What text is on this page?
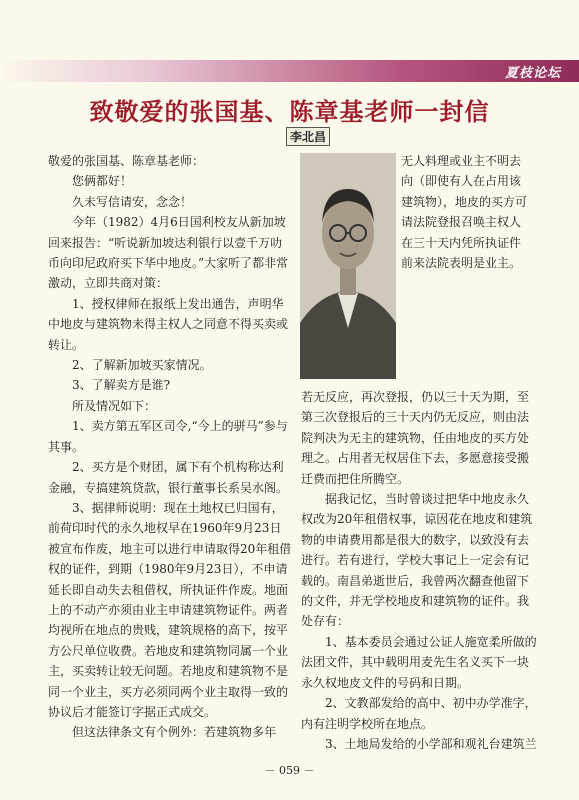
夏枝论坛
致敬爱的张国基、陈章基老师一封信
李北昌

敬爱的张国基、陈章基老师：

您俩都好！

久未写信请安，念念！

今年（1982）4月6日国利校友从新加坡回来报告：“听说新加坡达利银行以壹千万叻币向印尼政府买下华中地皮。”大家听了都非常激动，立即共商对策：

1、授权律师在报纸上发出通告，声明华中地皮与建筑物未得主权人之同意不得买卖或转让。

2、了解新加坡买家情况。

3、了解卖方是谁?

所及情况如下：

1、卖方第五军区司令,“今上的骈马”参与其事。

2、买方是个财团，属下有个机构称达利金融，专搞建筑贷款，银行董事长系吴水阁。

3、据律师说明：现在土地权已归国有，前荷印时代的永久地权早在1960年9月23日被宣布作废，地主可以进行申请取得20年租借权的证件，到期（1980年9月23日），不申请延长即自动失去租借权，所执证件作废。地面上的不动产亦须由业主申请建筑物证件。两者均视所在地点的贵贱，建筑规格的高下，按平方公尺单位收费。若地皮和建筑物同属一个业主，买卖转让较无问题。若地皮和建筑物不是同一个业主，买方必须同两个业主取得一致的协议后才能签订字据正式成交。

但这法律条文有个例外：若建筑物多年

无人料理或业主不明去向（即使有人在占用该建筑物），地皮的买方可请法院登报召唤主权人在三十天内凭所执证件前来法院表明是业主。

若无反应，再次登报，仍以三十天为期，至第三次登报后的三十天内仍无反应，则由法院判决为无主的建筑物，任由地皮的买方处理之。占用者无权居住下去，多愿意接受搬迁费而把住所腾空。

据我记忆，当时曾谈过把华中地皮永久权改为20年租借权事，谅因花在地皮和建筑物的申请费用都是很大的数字，以致没有去进行。若有进行，学校大事记上一定会有记载的。南昌弟逝世后，我曾两次翻查他留下的文件，并无学校地皮和建筑物的证件。我处存有：

1、基本委员会通过公证人施宽柔所做的法团文件，其中载明用麦先生名义买下一块永久权地皮文件的号码和日期。

2、文教部发给的高中、初中办学准字，内有注明学校所在地点。

3、土地局发给的小学部和观礼台建筑兰

－ 059 －
